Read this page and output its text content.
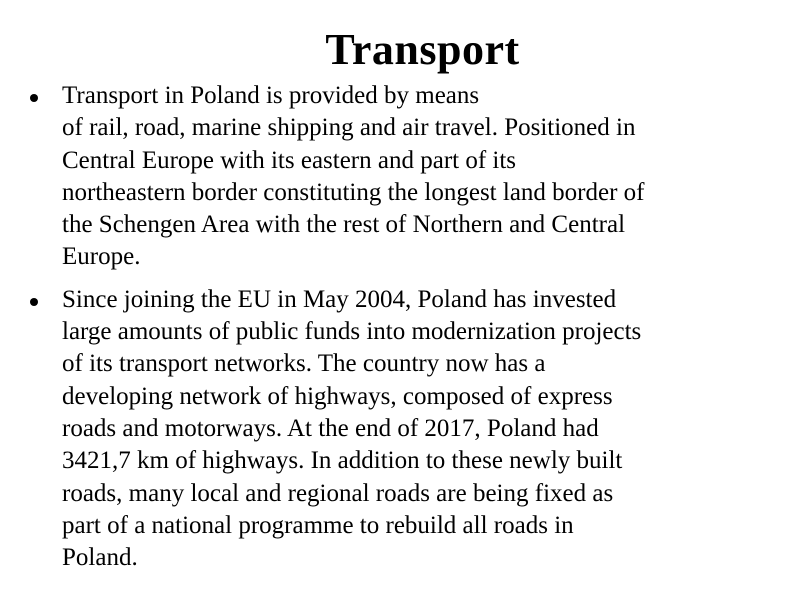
Transport
Transport in Poland is provided by means
of rail, road, marine shipping and air travel. Positioned in
Central Europe with its eastern and part of its
northeastern border constituting the longest land border of
the Schengen Area with the rest of Northern and Central
Europe.
Since joining the EU in May 2004, Poland has invested
large amounts of public funds into modernization projects
of its transport networks. The country now has a
developing network of highways, composed of express
roads and motorways. At the end of 2017, Poland had
3421,7 km of highways. In addition to these newly built
roads, many local and regional roads are being fixed as
part of a national programme to rebuild all roads in
Poland.
